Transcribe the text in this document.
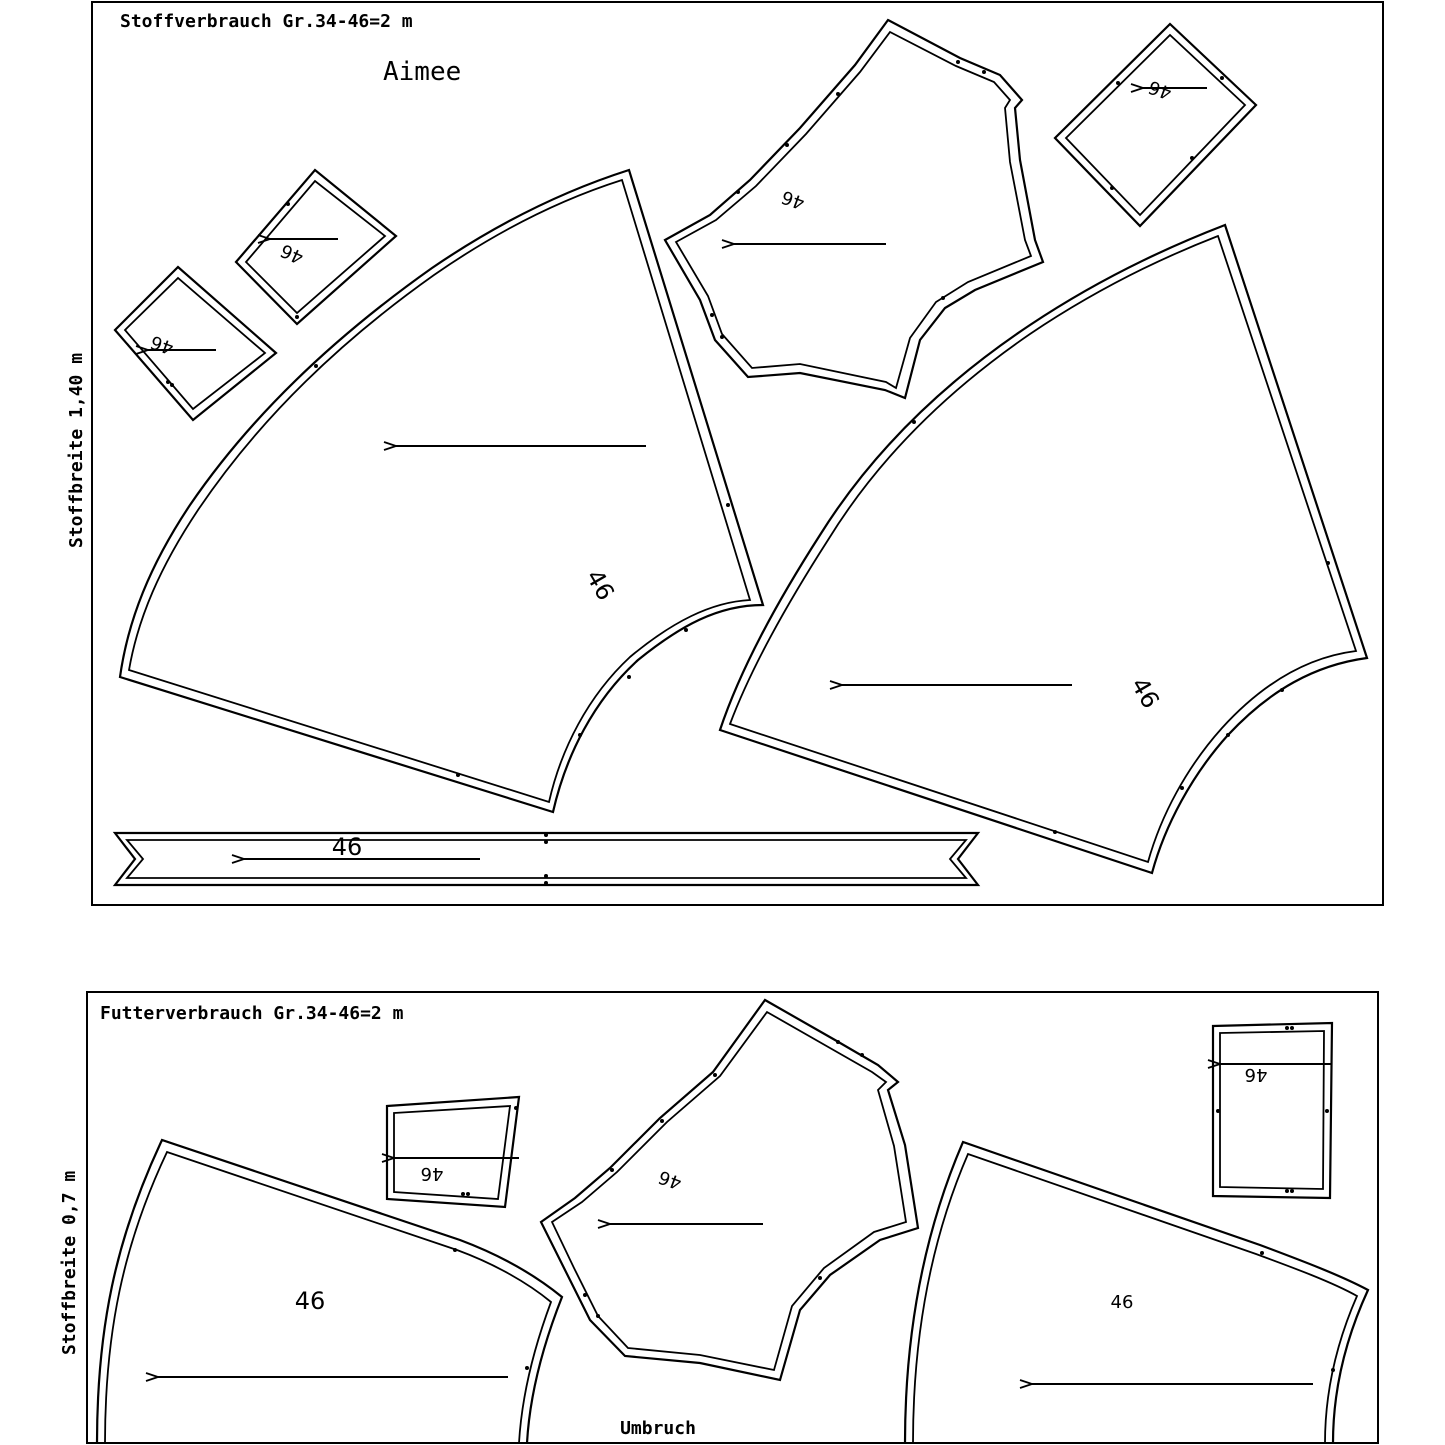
Stoffverbrauch Gr.34-46=2 m
Aimee
Stoffbreite 1,40 m
46
46
46
46
46
46
46
Futterverbrauch Gr.34-46=2 m
Stoffbreite 0,7 m
Umbruch
46	46
46
46
46
